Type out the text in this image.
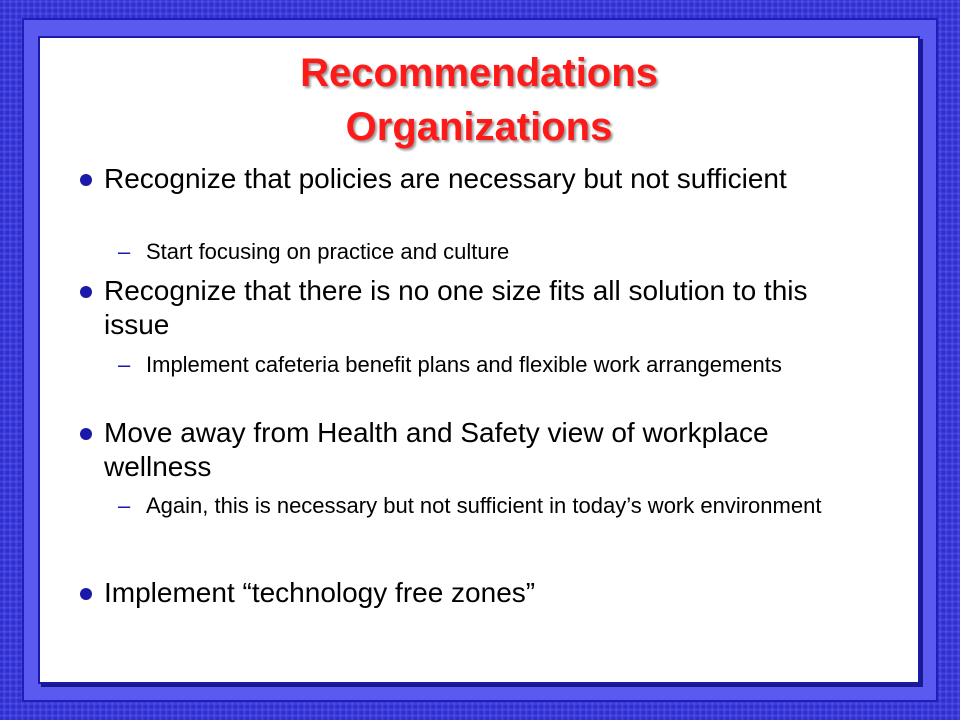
Recommendations
Organizations
Recognize that policies are necessary but not sufficient
– Start focusing on practice and culture
Recognize that there is no one size fits all solution to this issue
– Implement cafeteria benefit plans and flexible work arrangements
Move away from Health and Safety view of workplace wellness
– Again, this is necessary but not sufficient in today’s work environment
Implement “technology free zones”
